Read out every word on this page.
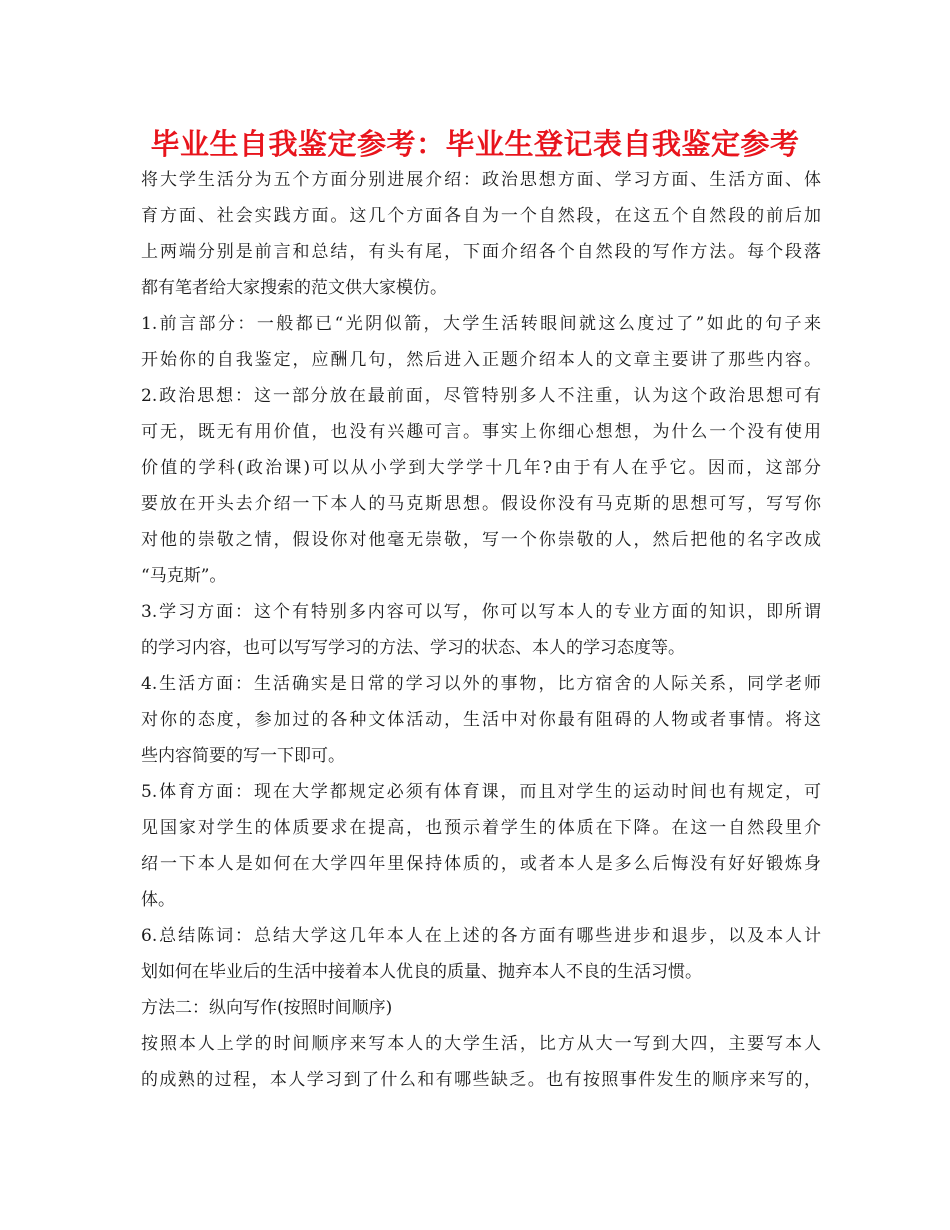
毕业生自我鉴定参考：毕业生登记表自我鉴定参考
将大学生活分为五个方面分别进展介绍：政治思想方面、学习方面、生活方面、体
育方面、社会实践方面。这几个方面各自为一个自然段，在这五个自然段的前后加
上两端分别是前言和总结，有头有尾，下面介绍各个自然段的写作方法。每个段落
都有笔者给大家搜索的范文供大家模仿。
1.前言部分：一般都已“光阴似箭，大学生活转眼间就这么度过了”如此的句子来
开始你的自我鉴定，应酬几句，然后进入正题介绍本人的文章主要讲了那些内容。
2.政治思想：这一部分放在最前面，尽管特别多人不注重，认为这个政治思想可有
可无，既无有用价值，也没有兴趣可言。事实上你细心想想，为什么一个没有使用
价值的学科(政治课)可以从小学到大学学十几年?由于有人在乎它。因而，这部分
要放在开头去介绍一下本人的马克斯思想。假设你没有马克斯的思想可写，写写你
对他的崇敬之情，假设你对他毫无崇敬，写一个你崇敬的人，然后把他的名字改成
“马克斯”。
3.学习方面：这个有特别多内容可以写，你可以写本人的专业方面的知识，即所谓
的学习内容，也可以写写学习的方法、学习的状态、本人的学习态度等。
4.生活方面：生活确实是日常的学习以外的事物，比方宿舍的人际关系，同学老师
对你的态度，参加过的各种文体活动，生活中对你最有阻碍的人物或者事情。将这
些内容简要的写一下即可。
5.体育方面：现在大学都规定必须有体育课，而且对学生的运动时间也有规定，可
见国家对学生的体质要求在提高，也预示着学生的体质在下降。在这一自然段里介
绍一下本人是如何在大学四年里保持体质的，或者本人是多么后悔没有好好锻炼身
体。
6.总结陈词：总结大学这几年本人在上述的各方面有哪些进步和退步，以及本人计
划如何在毕业后的生活中接着本人优良的质量、抛弃本人不良的生活习惯。
方法二：纵向写作(按照时间顺序)
按照本人上学的时间顺序来写本人的大学生活，比方从大一写到大四，主要写本人
的成熟的过程，本人学习到了什么和有哪些缺乏。也有按照事件发生的顺序来写的，
